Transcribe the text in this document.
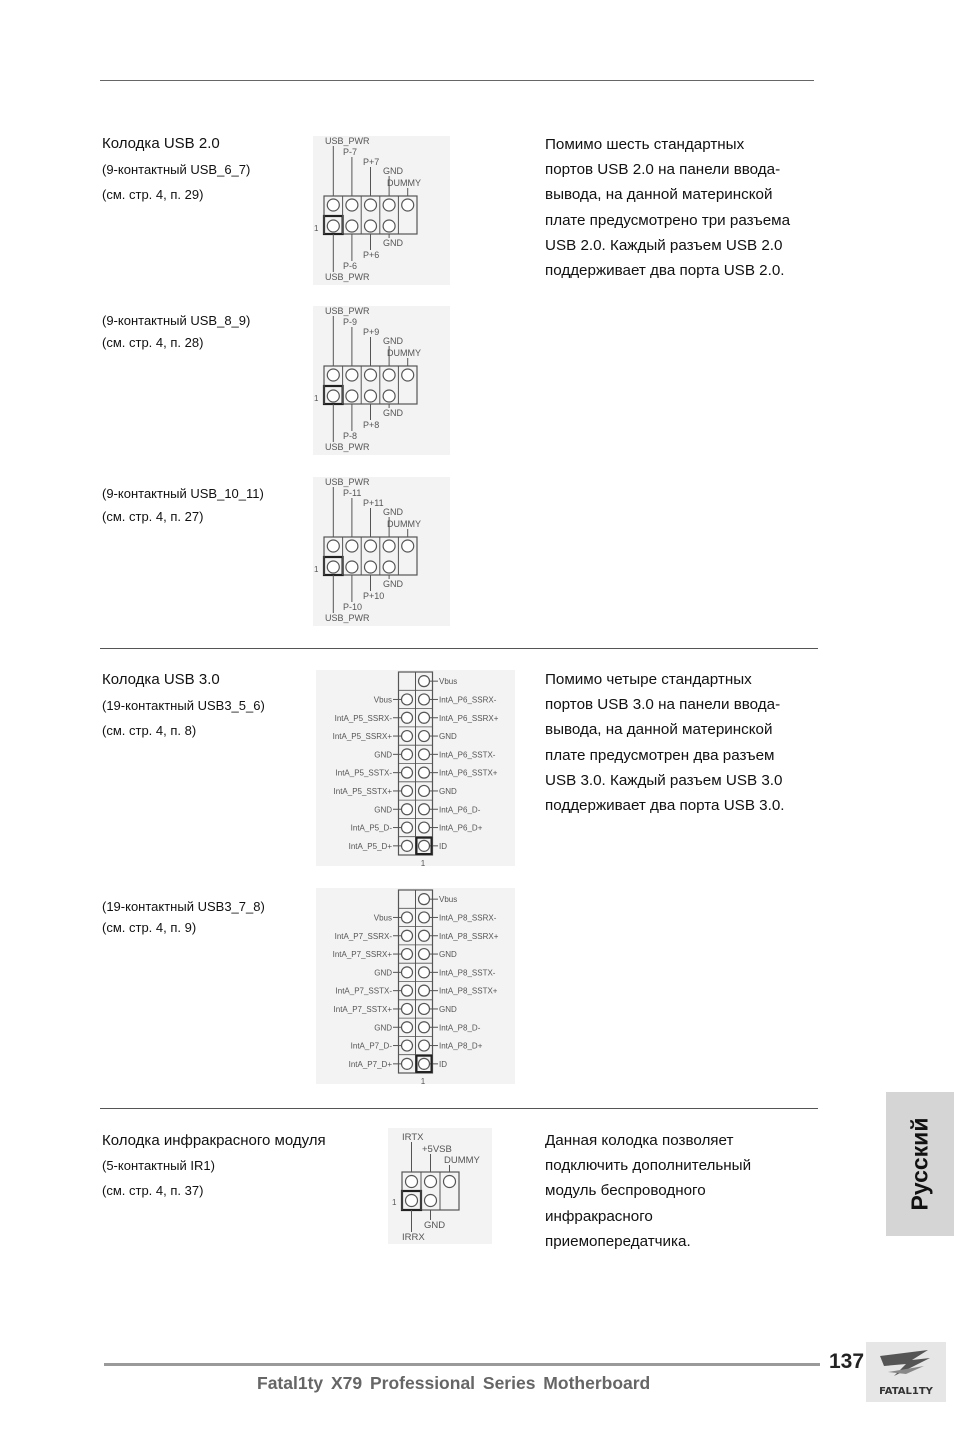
Колодка USB 2.0
(9-контактный USB_6_7)
(см. стр. 4, п. 29)
(9-контактный USB_8_9)
(см. стр. 4, п. 28)
(9-контактный USB_10_11)
(см. стр. 4, п. 27)
Помимо шесть стандартных
портов USB 2.0 на панели ввода-
вывода, на данной материнской
плате предусмотрено три разъема
USB 2.0. Каждый разъем USB 2.0
поддерживает два порта USB 2.0.
USB_PWR
P-7
P+7
GND
DUMMY
GND
P+6
P-6
USB_PWR
1
USB_PWR
P-9
P+9
GND
DUMMY
GND
P+8
P-8
USB_PWR
1
USB_PWR
P-11
P+11
GND
DUMMY
GND
P+10
P-10
USB_PWR
1
Колодка USB 3.0
(19-контактный USB3_5_6)
(см. стр. 4, п. 8)
(19-контактный USB3_7_8)
(см. стр. 4, п. 9)
Помимо четыре стандартных
портов USB 3.0 на панели ввода-
вывода, на данной материнской
плате предусмотрен два разъем
USB 3.0. Каждый разъем USB 3.0
поддерживает два порта USB 3.0.
Vbus
IntA_P6_SSRX-
Vbus
IntA_P6_SSRX+
IntA_P5_SSRX-
GND
IntA_P5_SSRX+
IntA_P6_SSTX-
GND
IntA_P6_SSTX+
IntA_P5_SSTX-
GND
IntA_P5_SSTX+
IntA_P6_D-
GND
IntA_P6_D+
IntA_P5_D-
ID
IntA_P5_D+
1
Vbus
IntA_P8_SSRX-
Vbus
IntA_P8_SSRX+
IntA_P7_SSRX-
GND
IntA_P7_SSRX+
IntA_P8_SSTX-
GND
IntA_P8_SSTX+
IntA_P7_SSTX-
GND
IntA_P7_SSTX+
IntA_P8_D-
GND
IntA_P8_D+
IntA_P7_D-
ID
IntA_P7_D+
1
Колодка инфракрасного модуля
(5-контактный IR1)
(см. стр. 4, п. 37)
Данная колодка позволяет
подключить дополнительный
модуль беспроводного
инфракрасного
приемопередатчика.
IRTX
+5VSB
DUMMY
GND
IRRX
1	Русский
137
Fatal1ty X79 Professional Series Motherboard	FATAL1TY
